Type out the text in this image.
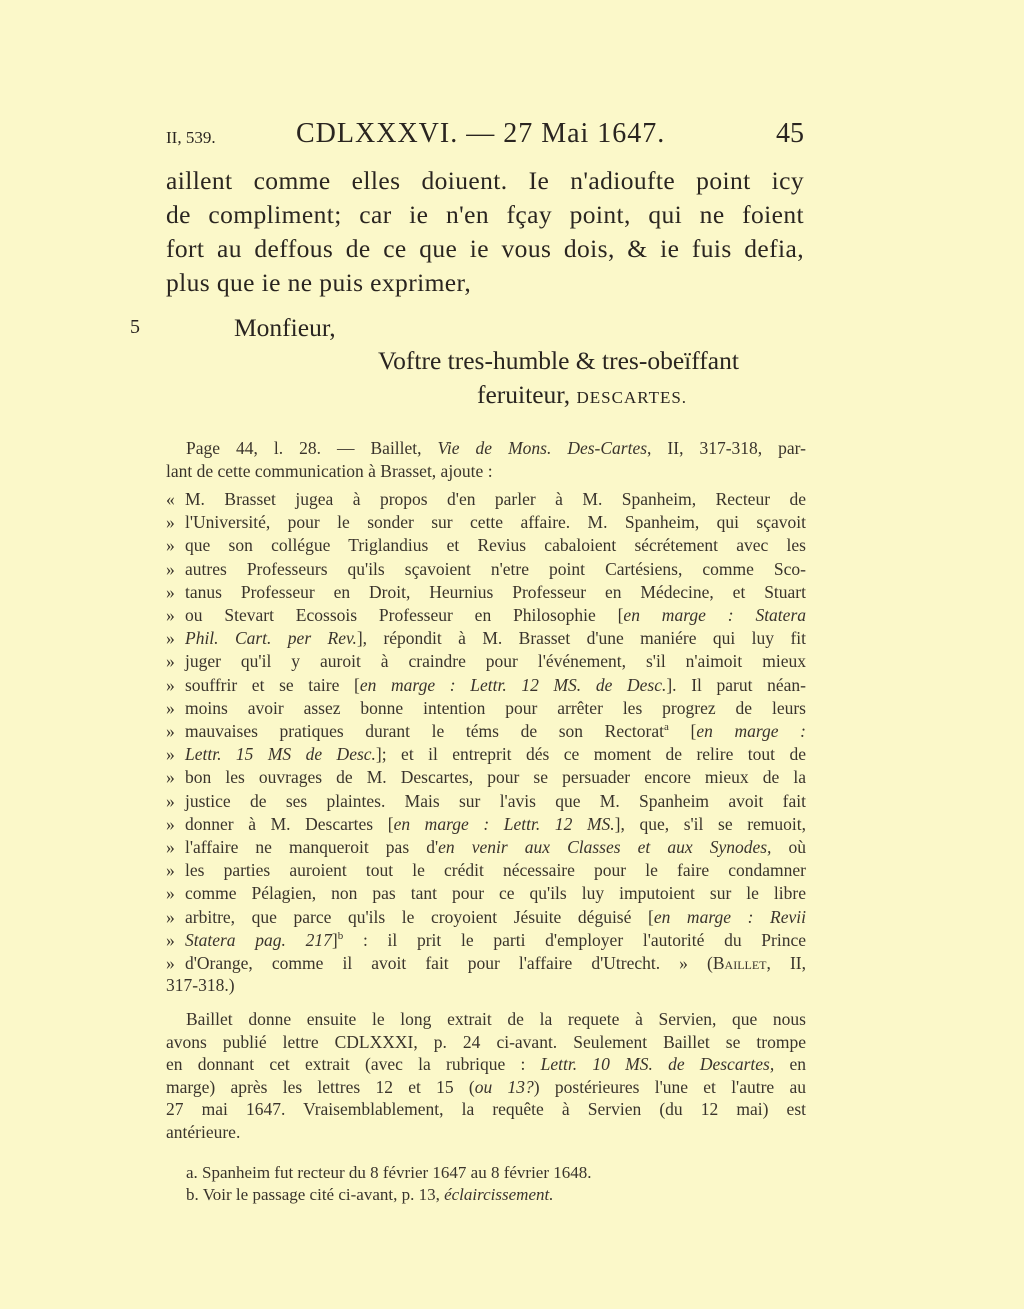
II, 539.	CDLXXXVI. — 27 Mai 1647.	45
aillent comme elles doiuent. Ie n'adioufte point icy
de compliment; car ie n'en fçay point, qui ne foient
fort au deffous de ce que ie vous dois, & ie fuis defia,
plus que ie ne puis exprimer,
5	Monfieur,
Voftre tres-humble & tres-obeïffant
feruiteur, DESCARTES.
Page 44, l. 28. — Baillet, Vie de Mons. Des-Cartes, II, 317-318, par-
lant de cette communication à Brasset, ajoute :
« M. Brasset jugea à propos d'en parler à M. Spanheim, Recteur de
» l'Université, pour le sonder sur cette affaire. M. Spanheim, qui sçavoit
» que son collégue Triglandius et Revius cabaloient sécrétement avec les
» autres Professeurs qu'ils sçavoient n'etre point Cartésiens, comme Sco-
» tanus Professeur en Droit, Heurnius Professeur en Médecine, et Stuart
» ou Stevart Ecossois Professeur en Philosophie [en marge : Statera
» Phil. Cart. per Rev.], répondit à M. Brasset d'une maniére qui luy fit
» juger qu'il y auroit à craindre pour l'événement, s'il n'aimoit mieux
» souffrir et se taire [en marge : Lettr. 12 MS. de Desc.]. Il parut néan-
» moins avoir assez bonne intention pour arrêter les progrez de leurs
» mauvaises pratiques durant le téms de son Rectorat$^a$ [en marge :
» Lettr. 15 MS de Desc.]; et il entreprit dés ce moment de relire tout de
» bon les ouvrages de M. Descartes, pour se persuader encore mieux de la
» justice de ses plaintes. Mais sur l'avis que M. Spanheim avoit fait
» donner à M. Descartes [en marge : Lettr. 12 MS.], que, s'il se remuoit,
» l'affaire ne manqueroit pas d'en venir aux Classes et aux Synodes, où
» les parties auroient tout le crédit nécessaire pour le faire condamner
» comme Pélagien, non pas tant pour ce qu'ils luy imputoient sur le libre
» arbitre, que parce qu'ils le croyoient Jésuite déguisé [en marge : Revii
» Statera pag. 217]$^b$ : il prit le parti d'employer l'autorité du Prince
» d'Orange, comme il avoit fait pour l'affaire d'Utrecht. » (Baillet, II,
317-318.)
Baillet donne ensuite le long extrait de la requete à Servien, que nous
avons publié lettre CDLXXXI, p. 24 ci-avant. Seulement Baillet se trompe
en donnant cet extrait (avec la rubrique : Lettr. 10 MS. de Descartes, en
marge) après les lettres 12 et 15 (ou 13?) postérieures l'une et l'autre au
27 mai 1647. Vraisemblablement, la requête à Servien (du 12 mai) est
antérieure.
a. Spanheim fut recteur du 8 février 1647 au 8 février 1648.
b. Voir le passage cité ci-avant, p. 13, éclaircissement.
